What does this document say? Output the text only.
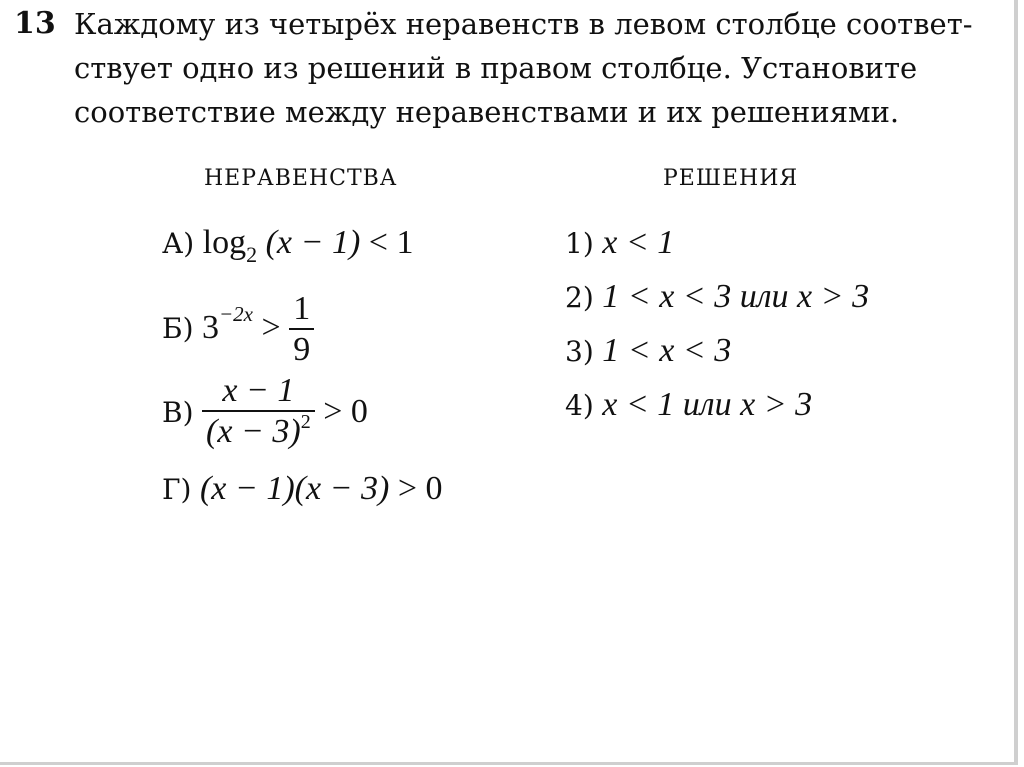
13 Каждому из четырёх неравенств в левом столбце соответ-
ствует одно из решений в правом столбце. Установите
соответствие между неравенствами и их решениями.
НЕРАВЕНСТВА	РЕШЕНИЯ
А) $\log_2 (x - 1) < 1$
Б) $3^{-2x} > \frac{1}{9}$
$В) \frac{x - 1}{(x - 3)^2} > 0$
Г) (x − 1)(x − 3) > 0
1) x < 1
2) 1 < x < 3 или x > 3
3) 1 < x < 3
4) x < 1 или x > 3
